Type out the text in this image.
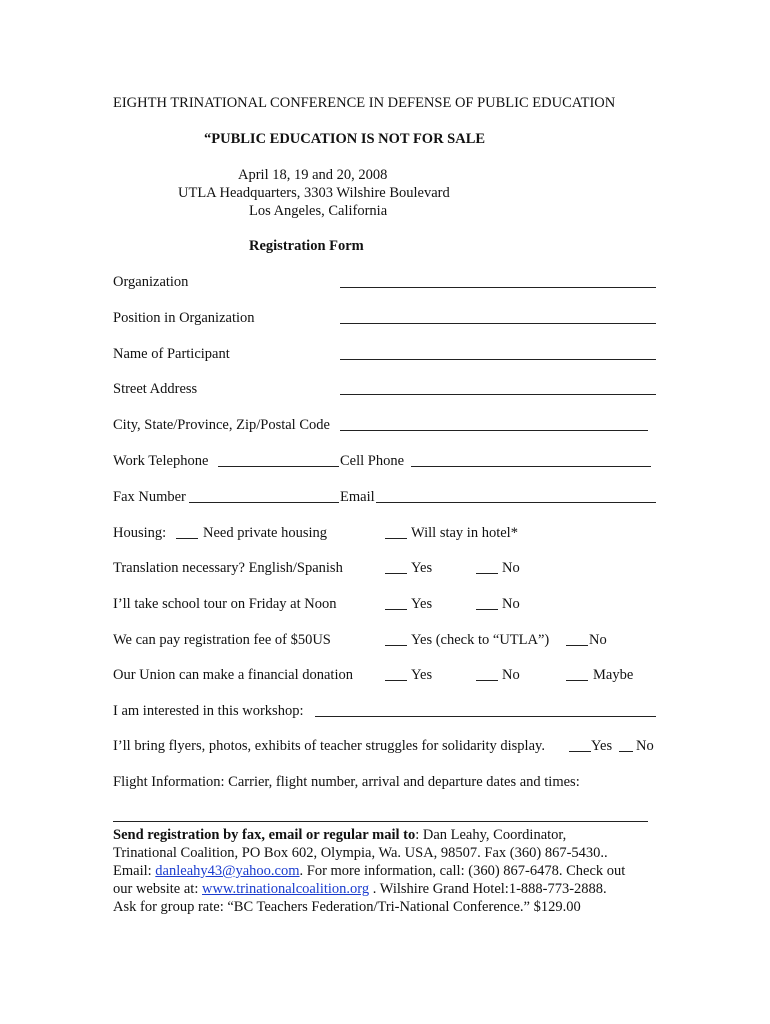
EIGHTH TRINATIONAL CONFERENCE IN DEFENSE OF PUBLIC EDUCATION
“PUBLIC EDUCATION IS NOT FOR SALE
April 18, 19 and 20, 2008
UTLA Headquarters, 3303 Wilshire Boulevard
Los Angeles, California
Registration Form
Organization
Position in Organization
Name of Participant
Street Address
City, State/Province, Zip/Postal Code
Work Telephone	Cell Phone
Fax Number	Email
Housing:	Need private housing	Will stay in hotel*
Translation necessary? English/Spanish	Yes	No
I’ll take school tour on Friday at Noon	Yes	No
We can pay registration fee of $50US	Yes (check to “UTLA”)	No
Our Union can make a financial donation	Yes	No	Maybe
I am interested in this workshop:
I’ll bring flyers, photos, exhibits of teacher struggles for solidarity display.	Yes No
Flight Information: Carrier, flight number, arrival and departure dates and times:
Send registration by fax, email or regular mail to: Dan Leahy, Coordinator,
Trinational Coalition, PO Box 602, Olympia, Wa. USA, 98507. Fax (360) 867-5430..
Email: danleahy43@yahoo.com. For more information, call: (360) 867-6478. Check out
our website at: www.trinationalcoalition.org . Wilshire Grand Hotel:1-888-773-2888.
Ask for group rate: “BC Teachers Federation/Tri-National Conference.” $129.00
